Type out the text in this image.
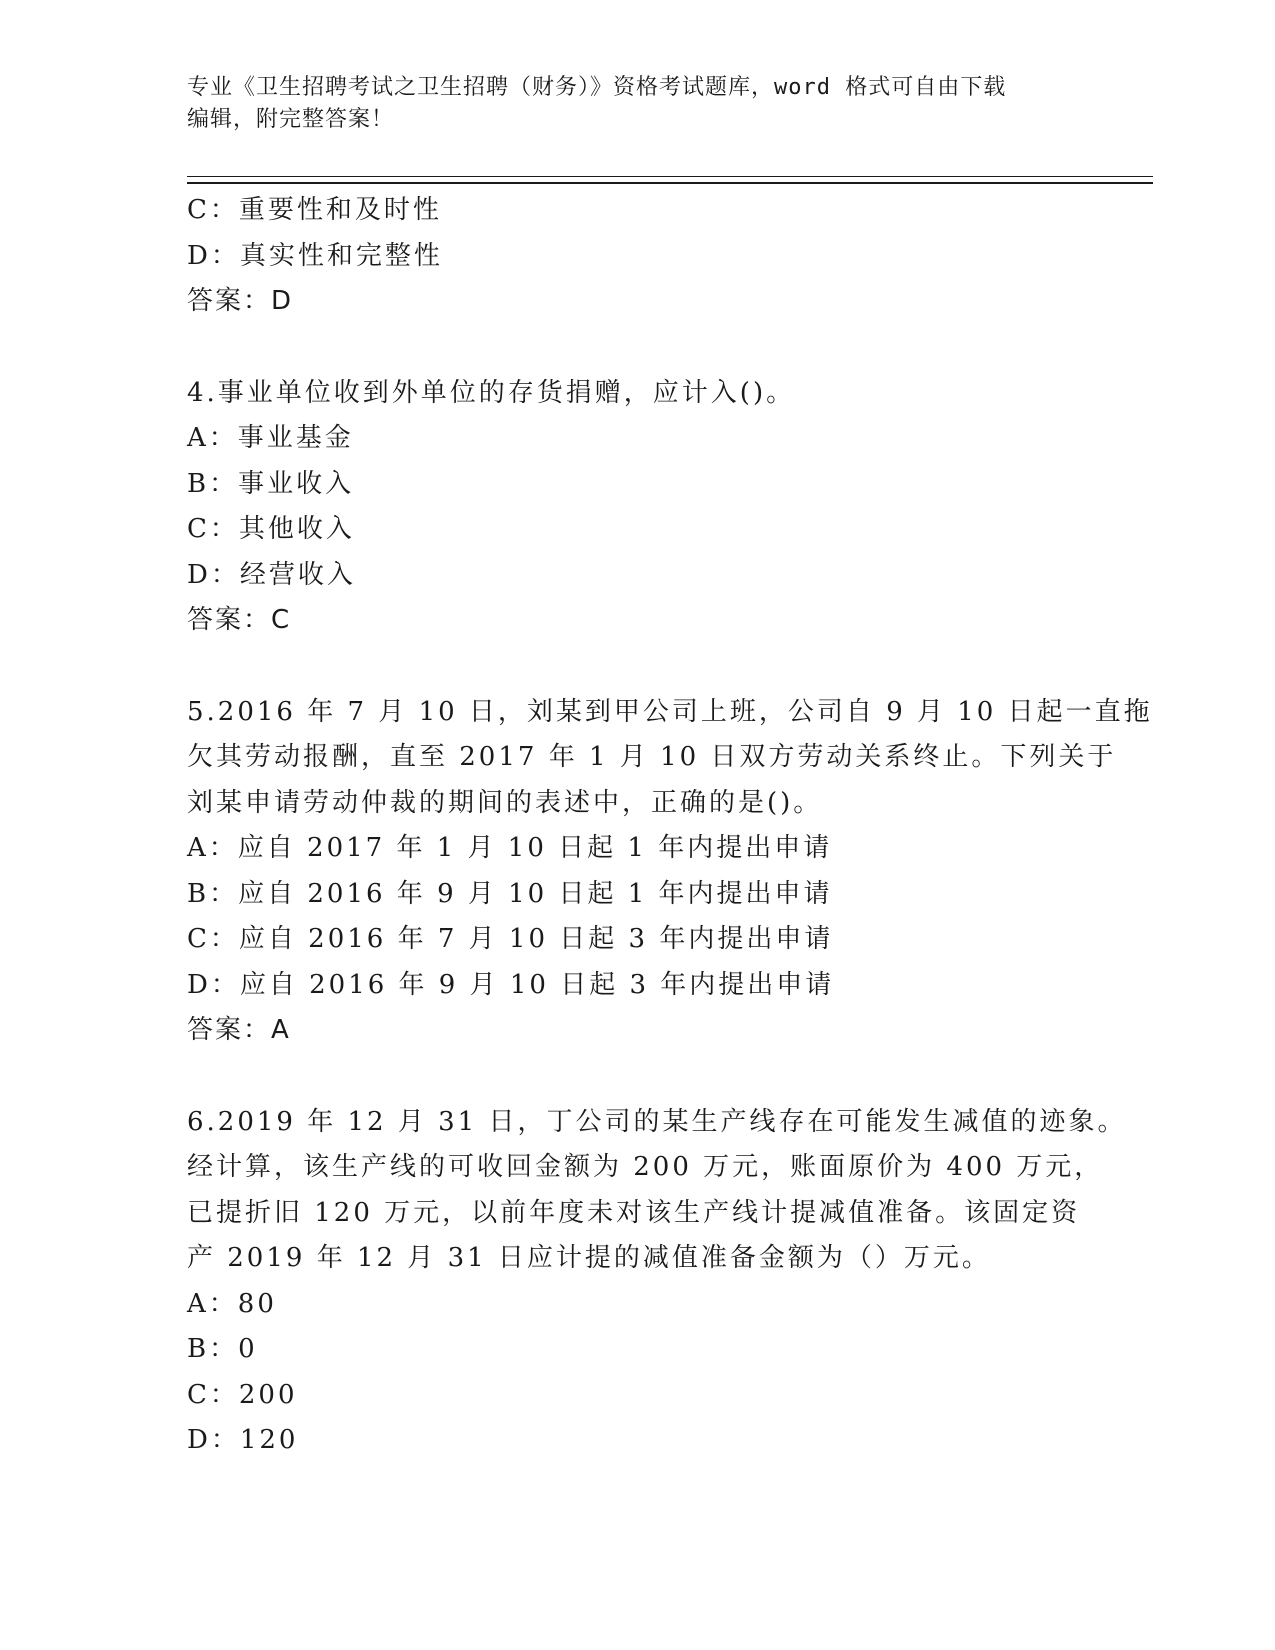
专业《卫生招聘考试之卫生招聘（财务）》资格考试题库，word 格式可自由下载
编辑，附完整答案！
C：重要性和及时性
D：真实性和完整性
答案：D
4.事业单位收到外单位的存货捐赠，应计入()。
A：事业基金
B：事业收入
C：其他收入
D：经营收入
答案：C
5.2016 年 7 月 10 日，刘某到甲公司上班，公司自 9 月 10 日起一直拖
欠其劳动报酬，直至 2017 年 1 月 10 日双方劳动关系终止。下列关于
刘某申请劳动仲裁的期间的表述中，正确的是()。
A：应自 2017 年 1 月 10 日起 1 年内提出申请
B：应自 2016 年 9 月 10 日起 1 年内提出申请
C：应自 2016 年 7 月 10 日起 3 年内提出申请
D：应自 2016 年 9 月 10 日起 3 年内提出申请
答案：A
6.2019 年 12 月 31 日，丁公司的某生产线存在可能发生减值的迹象。
经计算，该生产线的可收回金额为 200 万元，账面原价为 400 万元，
已提折旧 120 万元，以前年度未对该生产线计提减值准备。该固定资
产 2019 年 12 月 31 日应计提的减值准备金额为（）万元。
A：80
B：0
C：200
D：120
